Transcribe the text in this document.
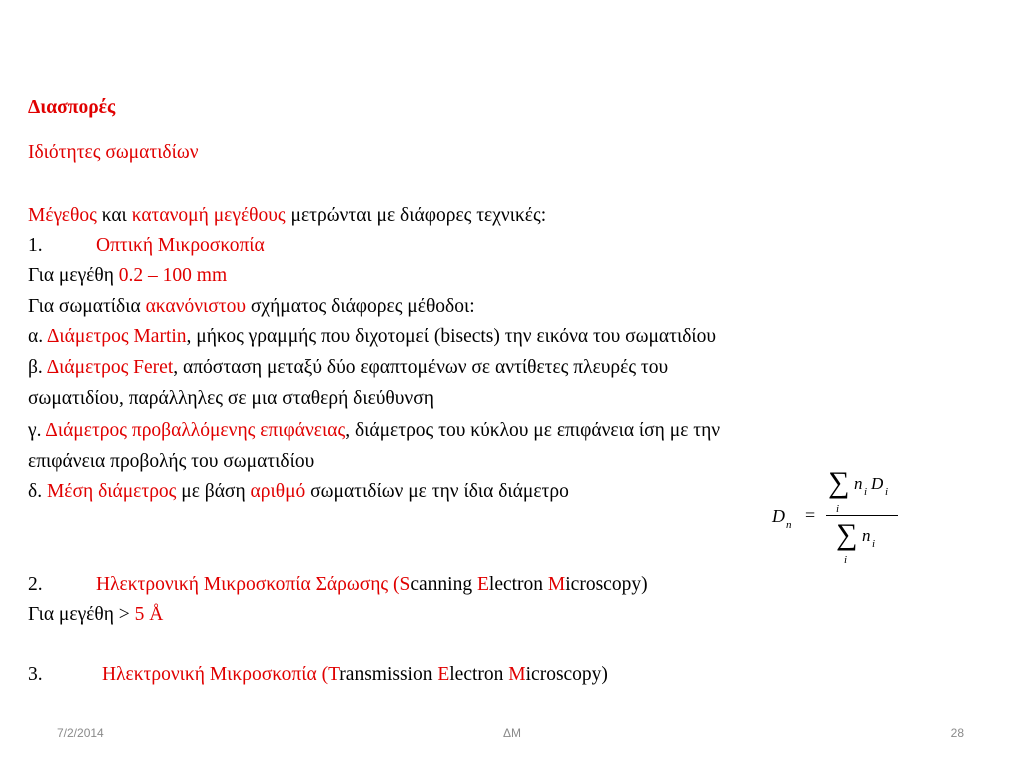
Διασπορές
Ιδιότητες σωματιδίων
Μέγεθος και κατανομή μεγέθους μετρώνται με διάφορες τεχνικές:
1.	Οπτική Μικροσκοπία
Για μεγέθη 0.2 – 100 mm
Για σωματίδια ακανόνιστου σχήματος διάφορες μέθοδοι:
α. Διάμετρος Martin, μήκος γραμμής που διχοτομεί (bisects) την εικόνα του σωματιδίου
β. Διάμετρος Feret, απόσταση μεταξύ δύο εφαπτομένων σε αντίθετες πλευρές του
σωματιδίου, παράλληλες σε μια σταθερή διεύθυνση
γ. Διάμετρος προβαλλόμενης επιφάνειας, διάμετρος του κύκλου με επιφάνεια ίση με την
επιφάνεια προβολής του σωματιδίου
δ. Μέση διάμετρος με βάση αριθμό σωματιδίων με την ίδια διάμετρο
2.	Ηλεκτρονική Μικροσκοπία Σάρωσης (Scanning Electron Microscopy)
Για μεγέθη > 5 Å
3.	Ηλεκτρονική Μικροσκοπία (Transmission Electron Microscopy)
D n =
∑ n i D i
i
∑ n i
i
7/2/2014	ΔΜ	28
